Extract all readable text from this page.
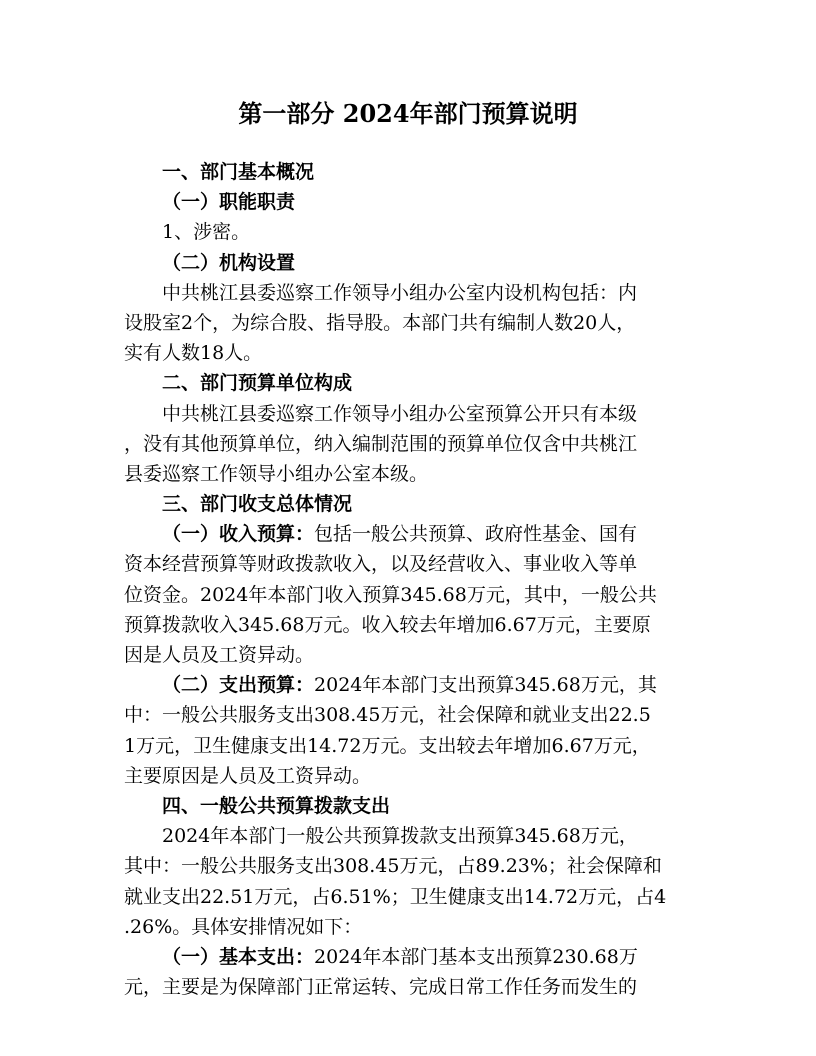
第一部分 2024年部门预算说明
一、部门基本概况
（一）职能职责
1、涉密。
（二）机构设置
中共桃江县委巡察工作领导小组办公室内设机构包括：内
设股室2个，为综合股、指导股。本部门共有编制人数20人，
实有人数18人。
二、部门预算单位构成
中共桃江县委巡察工作领导小组办公室预算公开只有本级
，没有其他预算单位，纳入编制范围的预算单位仅含中共桃江
县委巡察工作领导小组办公室本级。
三、部门收支总体情况
（一）收入预算：包括一般公共预算、政府性基金、国有
资本经营预算等财政拨款收入，以及经营收入、事业收入等单
位资金。2024年本部门收入预算345.68万元，其中，一般公共
预算拨款收入345.68万元。收入较去年增加6.67万元，主要原
因是人员及工资异动。
（二）支出预算：2024年本部门支出预算345.68万元，其
中：一般公共服务支出308.45万元，社会保障和就业支出22.5
1万元，卫生健康支出14.72万元。支出较去年增加6.67万元，
主要原因是人员及工资异动。
四、一般公共预算拨款支出
2024年本部门一般公共预算拨款支出预算345.68万元，
其中：一般公共服务支出308.45万元，占89.23%；社会保障和
就业支出22.51万元，占6.51%；卫生健康支出14.72万元，占4
.26%。具体安排情况如下：
（一）基本支出：2024年本部门基本支出预算230.68万
元，主要是为保障部门正常运转、完成日常工作任务而发生的
